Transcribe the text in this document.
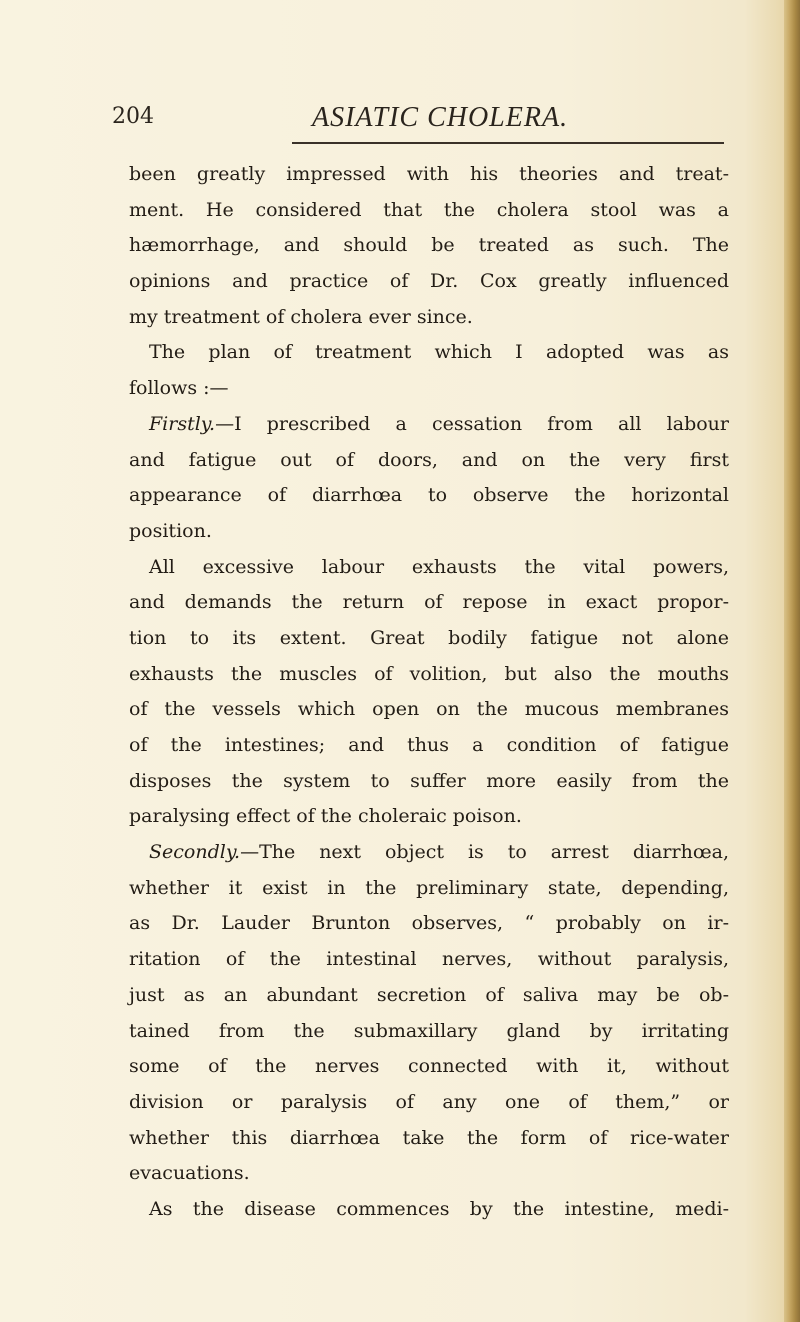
204	ASIATIC CHOLERA.
been greatly impressed with his theories and treat-
ment. He considered that the cholera stool was a
hæmorrhage, and should be treated as such. The
opinions and practice of Dr. Cox greatly influenced
my treatment of cholera ever since.
The plan of treatment which I adopted was as
follows :—
Firstly.—I prescribed a cessation from all labour
and fatigue out of doors, and on the very first
appearance of diarrhœa to observe the horizontal
position.
All excessive labour exhausts the vital powers,
and demands the return of repose in exact propor-
tion to its extent. Great bodily fatigue not alone
exhausts the muscles of volition, but also the mouths
of the vessels which open on the mucous membranes
of the intestines; and thus a condition of fatigue
disposes the system to suffer more easily from the
paralysing effect of the choleraic poison.
Secondly.—The next object is to arrest diarrhœa,
whether it exist in the preliminary state, depending,
as Dr. Lauder Brunton observes, “ probably on ir-
ritation of the intestinal nerves, without paralysis,
just as an abundant secretion of saliva may be ob-
tained from the submaxillary gland by irritating
some of the nerves connected with it, without
division or paralysis of any one of them,” or
whether this diarrhœa take the form of rice-water
evacuations.
As the disease commences by the intestine, medi-
